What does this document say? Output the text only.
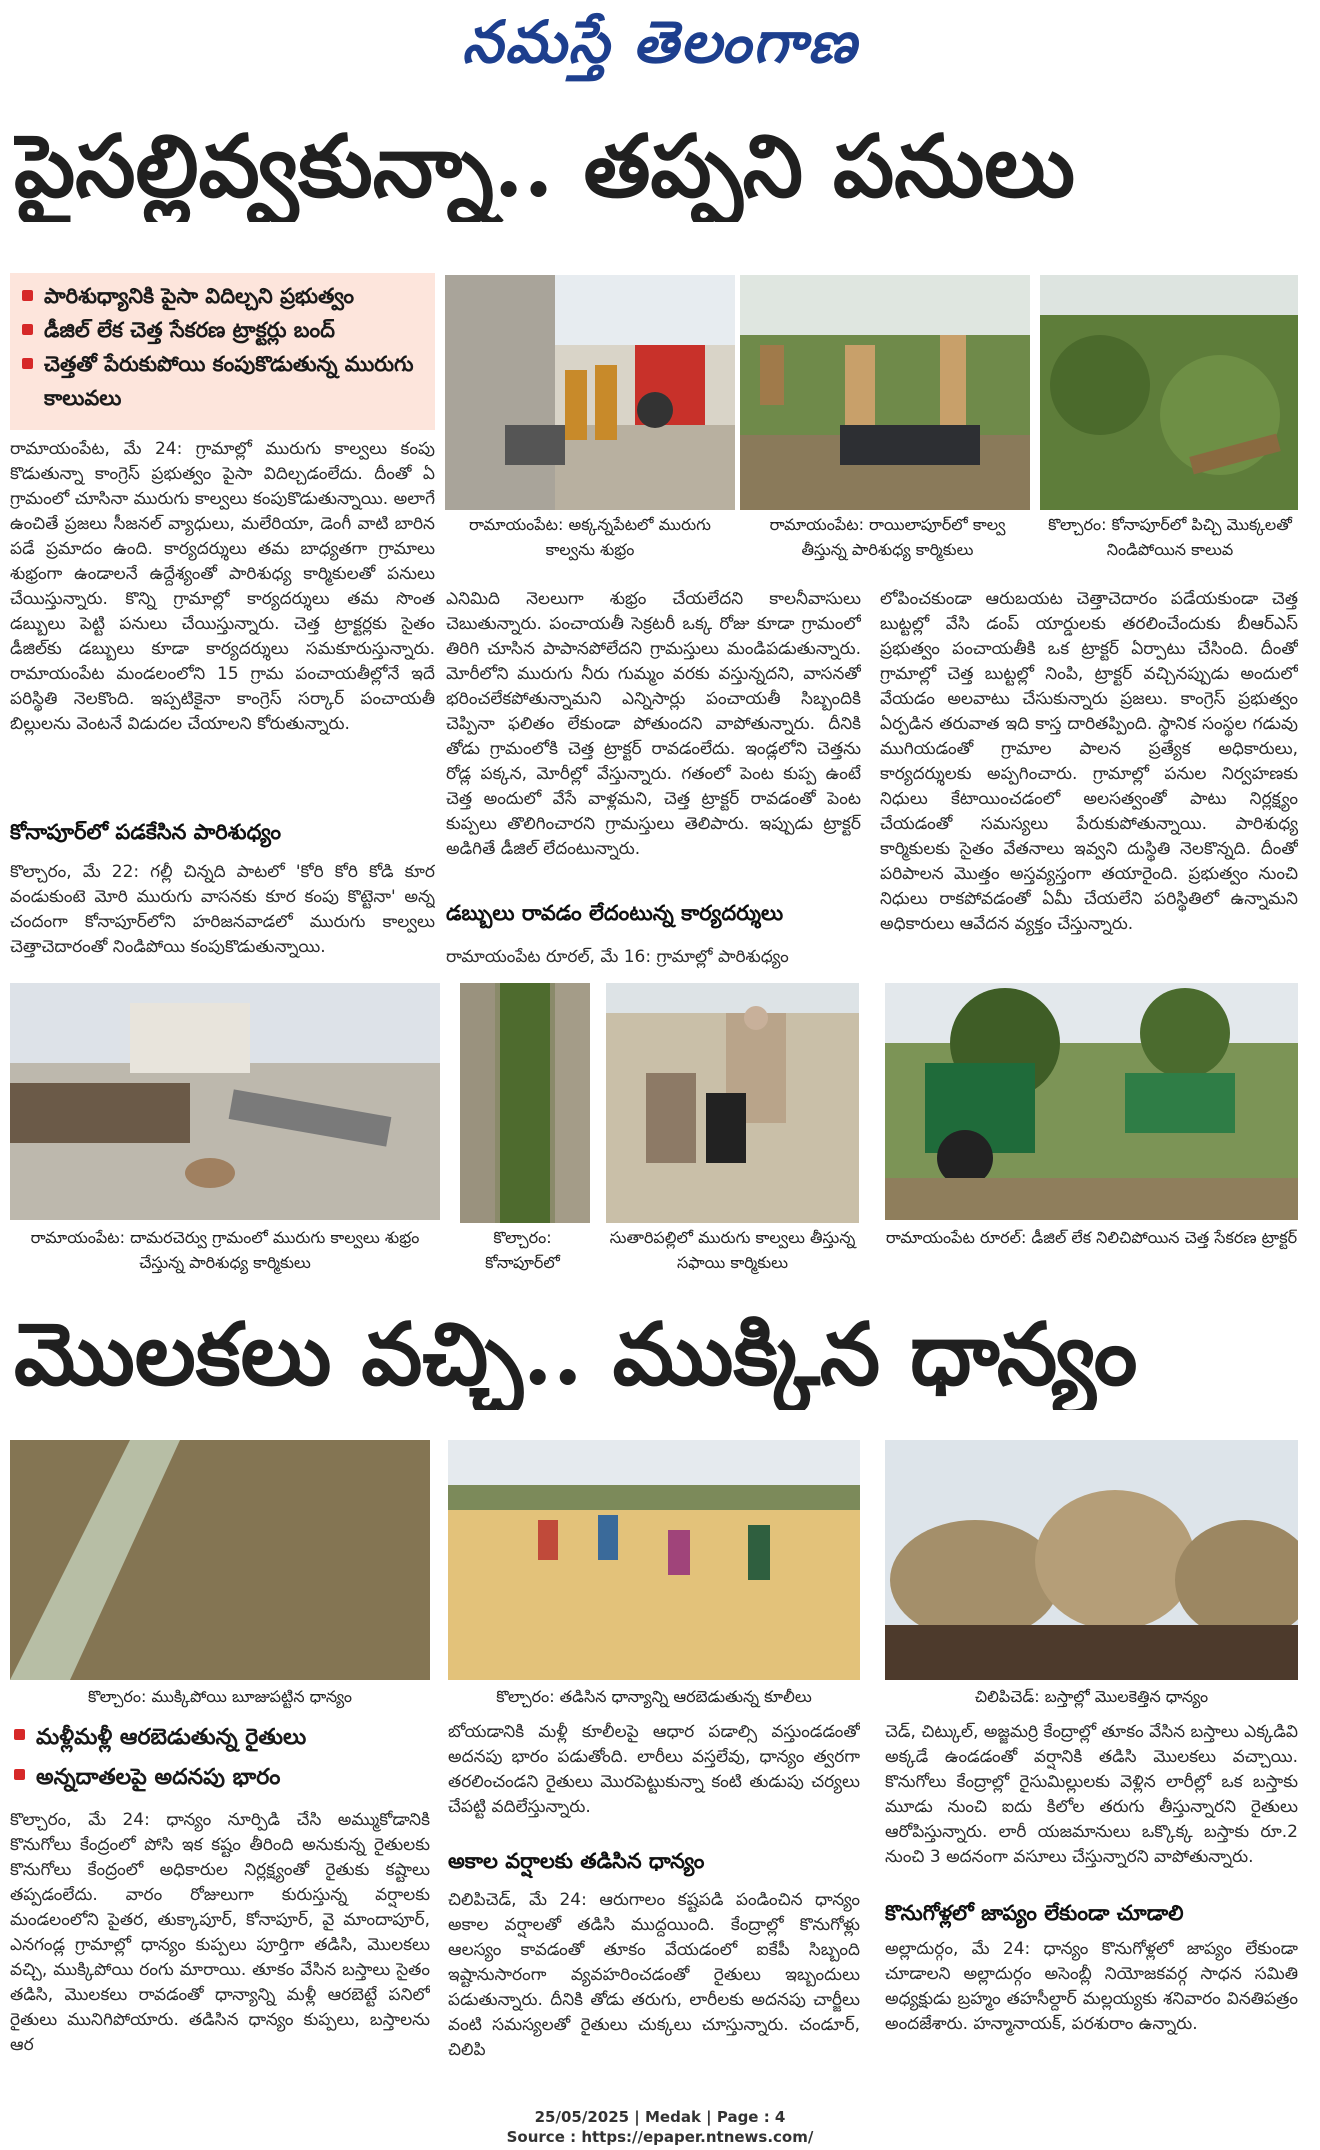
నమస్తే తెలంగాణ
పైసల్లివ్వకున్నా.. తప్పని పనులు
పారిశుధ్యానికి పైసా విదిల్చని ప్రభుత్వం
డీజిల్ లేక చెత్త సేకరణ ట్రాక్టర్లు బంద్
చెత్తతో పేరుకుపోయి కంపుకొడుతున్న మురుగు కాలువలు
రామాయంపేట: అక్కన్నపేటలో మురుగు కాల్వను శుభ్రం
రామాయంపేట: రాయిలాపూర్‌లో కాల్వ తీస్తున్న పారిశుధ్య కార్మికులు
కొల్చారం: కోనాపూర్‌లో పిచ్చి మొక్కలతో నిండిపోయిన కాలువ
రామాయంపేట, మే 24: గ్రామాల్లో మురుగు కాల్వలు కంపు కొడుతున్నా కాంగ్రెస్ ప్రభుత్వం పైసా విదిల్చడంలేదు. దీంతో ఏ గ్రామంలో చూసినా మురుగు కాల్వలు కంపుకొడుతున్నాయి. అలాగే ఉంచితే ప్రజలు సీజనల్ వ్యాధులు, మలేరియా, డెంగీ వాటి బారిన పడే ప్రమాదం ఉంది. కార్యదర్శులు తమ బాధ్యతగా గ్రామాలు శుభ్రంగా ఉండాలనే ఉద్దేశ్యంతో పారిశుధ్య కార్మికులతో పనులు చేయిస్తున్నారు. కొన్ని గ్రామాల్లో కార్యదర్శులు తమ సొంత డబ్బులు పెట్టి పనులు చేయిస్తున్నారు. చెత్త ట్రాక్టర్లకు సైతం డీజిల్‌కు డబ్బులు కూడా కార్యదర్శులు సమకూరుస్తున్నారు. రామాయంపేట మండలంలోని 15 గ్రామ పంచాయతీల్లోనే ఇదే పరిస్థితి నెలకొంది. ఇప్పటికైనా కాంగ్రెస్ సర్కార్ పంచాయతీ బిల్లులను వెంటనే విడుదల చేయాలని కోరుతున్నారు.
కోనాపూర్‌లో పడకేసిన పారిశుధ్యం
కొల్చారం, మే 22: గల్లీ చిన్నది పాటలో 'కోరి కోరి కోడి కూర వండుకుంటె మోరి మురుగు వాసనకు కూర కంపు కొట్టెనా' అన్న చందంగా కోనాపూర్‌లోని హరిజనవాడలో మురుగు కాల్వలు చెత్తాచెదారంతో నిండిపోయి కంపుకొడుతున్నాయి.
ఎనిమిది నెలలుగా శుభ్రం చేయలేదని కాలనీవాసులు చెబుతున్నారు. పంచాయతీ సెక్రటరీ ఒక్క రోజు కూడా గ్రామంలో తిరిగి చూసిన పాపానపోలేదని గ్రామస్తులు మండిపడుతున్నారు. మోరీలోని మురుగు నీరు గుమ్మం వరకు వస్తున్నదని, వాసనతో భరించలేకపోతున్నామని ఎన్నిసార్లు పంచాయతీ సిబ్బందికి చెప్పినా ఫలితం లేకుండా పోతుందని వాపోతున్నారు. దీనికి తోడు గ్రామంలోకి చెత్త ట్రాక్టర్ రావడంలేదు. ఇండ్లలోని చెత్తను రోడ్ల పక్కన, మోరీల్లో వేస్తున్నారు. గతంలో పెంట కుప్ప ఉంటే చెత్త అందులో వేసే వాళ్లమని, చెత్త ట్రాక్టర్ రావడంతో పెంట కుప్పలు తొలిగించారని గ్రామస్తులు తెలిపారు. ఇప్పుడు ట్రాక్టర్ అడిగితే డీజిల్ లేదంటున్నారు.
డబ్బులు రావడం లేదంటున్న కార్యదర్శులు
రామాయంపేట రూరల్, మే 16: గ్రామాల్లో పారిశుధ్యం
లోపించకుండా ఆరుబయట చెత్తాచెదారం పడేయకుండా చెత్త బుట్టల్లో వేసి డంప్ యార్డులకు తరలించేందుకు బీఆర్‌ఎస్ ప్రభుత్వం పంచాయతీకి ఒక ట్రాక్టర్ ఏర్పాటు చేసింది. దీంతో గ్రామాల్లో చెత్త బుట్టల్లో నింపి, ట్రాక్టర్ వచ్చినప్పుడు అందులో వేయడం అలవాటు చేసుకున్నారు ప్రజలు. కాంగ్రెస్ ప్రభుత్వం ఏర్పడిన తరువాత ఇది కాస్త దారితప్పింది. స్థానిక సంస్థల గడువు ముగియడంతో గ్రామాల పాలన ప్రత్యేక అధికారులు, కార్యదర్శులకు అప్పగించారు. గ్రామాల్లో పనుల నిర్వహణకు నిధులు కేటాయించడంలో అలసత్వంతో పాటు నిర్లక్ష్యం చేయడంతో సమస్యలు పేరుకుపోతున్నాయి. పారిశుధ్య కార్మికులకు సైతం వేతనాలు ఇవ్వని దుస్థితి నెలకొన్నది. దీంతో పరిపాలన మొత్తం అస్తవ్యస్తంగా తయారైంది. ప్రభుత్వం నుంచి నిధులు రాకపోవడంతో ఏమీ చేయలేని పరిస్థితిలో ఉన్నామని అధికారులు ఆవేదన వ్యక్తం చేస్తున్నారు.
రామాయంపేట: దామరచెర్వు గ్రామంలో మురుగు కాల్వలు శుభ్రం చేస్తున్న పారిశుధ్య కార్మికులు
కొల్చారం: కోనాపూర్‌లో
సుతారిపల్లిలో మురుగు కాల్వలు తీస్తున్న సఫాయి కార్మికులు
రామాయంపేట రూరల్: డీజిల్ లేక నిలిచిపోయిన చెత్త సేకరణ ట్రాక్టర్
మొలకలు వచ్చి.. ముక్కిన ధాన్యం
కొల్చారం: ముక్కిపోయి బూజుపట్టిన ధాన్యం	కొల్చారం: తడిసిన ధాన్యాన్ని ఆరబెడుతున్న కూలీలు	చిలిపిచెడ్: బస్తాల్లో మొలకెత్తిన ధాన్యం
మళ్లీమళ్లీ ఆరబెడుతున్న రైతులు
అన్నదాతలపై అదనపు భారం
కొల్చారం, మే 24: ధాన్యం నూర్పిడి చేసి అమ్ముకోడానికి కొనుగోలు కేంద్రంలో పోసి ఇక కష్టం తీరింది అనుకున్న రైతులకు కొనుగోలు కేంద్రంలో అధికారుల నిర్లక్ష్యంతో రైతుకు కష్టాలు తప్పడంలేదు. వారం రోజులుగా కురుస్తున్న వర్షాలకు మండలంలోని పైతర, తుక్కాపూర్, కోనాపూర్, వై మాందాపూర్, ఎనగండ్ల గ్రామాల్లో ధాన్యం కుప్పలు పూర్తిగా తడిసి, మొలకలు వచ్చి, ముక్కిపోయి రంగు మారాయి. తూకం వేసిన బస్తాలు సైతం తడిసి, మొలకలు రావడంతో ధాన్యాన్ని మళ్లీ ఆరబెట్టే పనిలో రైతులు మునిగిపోయారు. తడిసిన ధాన్యం కుప్పలు, బస్తాలను ఆర
బోయడానికి మళ్లీ కూలీలపై ఆధార పడాల్సి వస్తుండడంతో అదనపు భారం పడుతోంది. లారీలు వస్తలేవు, ధాన్యం త్వరగా తరలించండని రైతులు మొరపెట్టుకున్నా కంటి తుడుపు చర్యలు చేపట్టి వదిలేస్తున్నారు.
అకాల వర్షాలకు తడిసిన ధాన్యం
చిలిపిచెడ్, మే 24: ఆరుగాలం కష్టపడి పండించిన ధాన్యం అకాల వర్షాలతో తడిసి ముద్దయింది. కేంద్రాల్లో కొనుగోళ్లు ఆలస్యం కావడంతో తూకం వేయడంలో ఐకేపీ సిబ్బంది ఇష్టానుసారంగా వ్యవహరించడంతో రైతులు ఇబ్బందులు పడుతున్నారు. దీనికి తోడు తరుగు, లారీలకు అదనపు చార్జీలు వంటి సమస్యలతో రైతులు చుక్కలు చూస్తున్నారు. చండూర్, చిలిపి
చెడ్, చిట్కుల్, అజ్జమర్రి కేంద్రాల్లో తూకం వేసిన బస్తాలు ఎక్కడివి అక్కడే ఉండడంతో వర్షానికి తడిసి మొలకలు వచ్చాయి. కొనుగోలు కేంద్రాల్లో రైసుమిల్లులకు వెళ్లిన లారీల్లో ఒక బస్తాకు మూడు నుంచి ఐదు కిలోల తరుగు తీస్తున్నారని రైతులు ఆరోపిస్తున్నారు. లారీ యజమానులు ఒక్కొక్క బస్తాకు రూ.2 నుంచి 3 అదనంగా వసూలు చేస్తున్నారని వాపోతున్నారు.
కొనుగోళ్లలో జాప్యం లేకుండా చూడాలి
అల్లాదుర్గం, మే 24: ధాన్యం కొనుగోళ్లలో జాప్యం లేకుండా చూడాలని అల్లాదుర్గం అసెంబ్లీ నియోజకవర్గ సాధన సమితి అధ్యక్షుడు బ్రహ్మం తహసీల్దార్ మల్లయ్యకు శనివారం వినతిపత్రం అందజేశారు. హన్మానాయక్, పరశురాం ఉన్నారు.
25/05/2025 | Medak | Page : 4
Source : https://epaper.ntnews.com/
